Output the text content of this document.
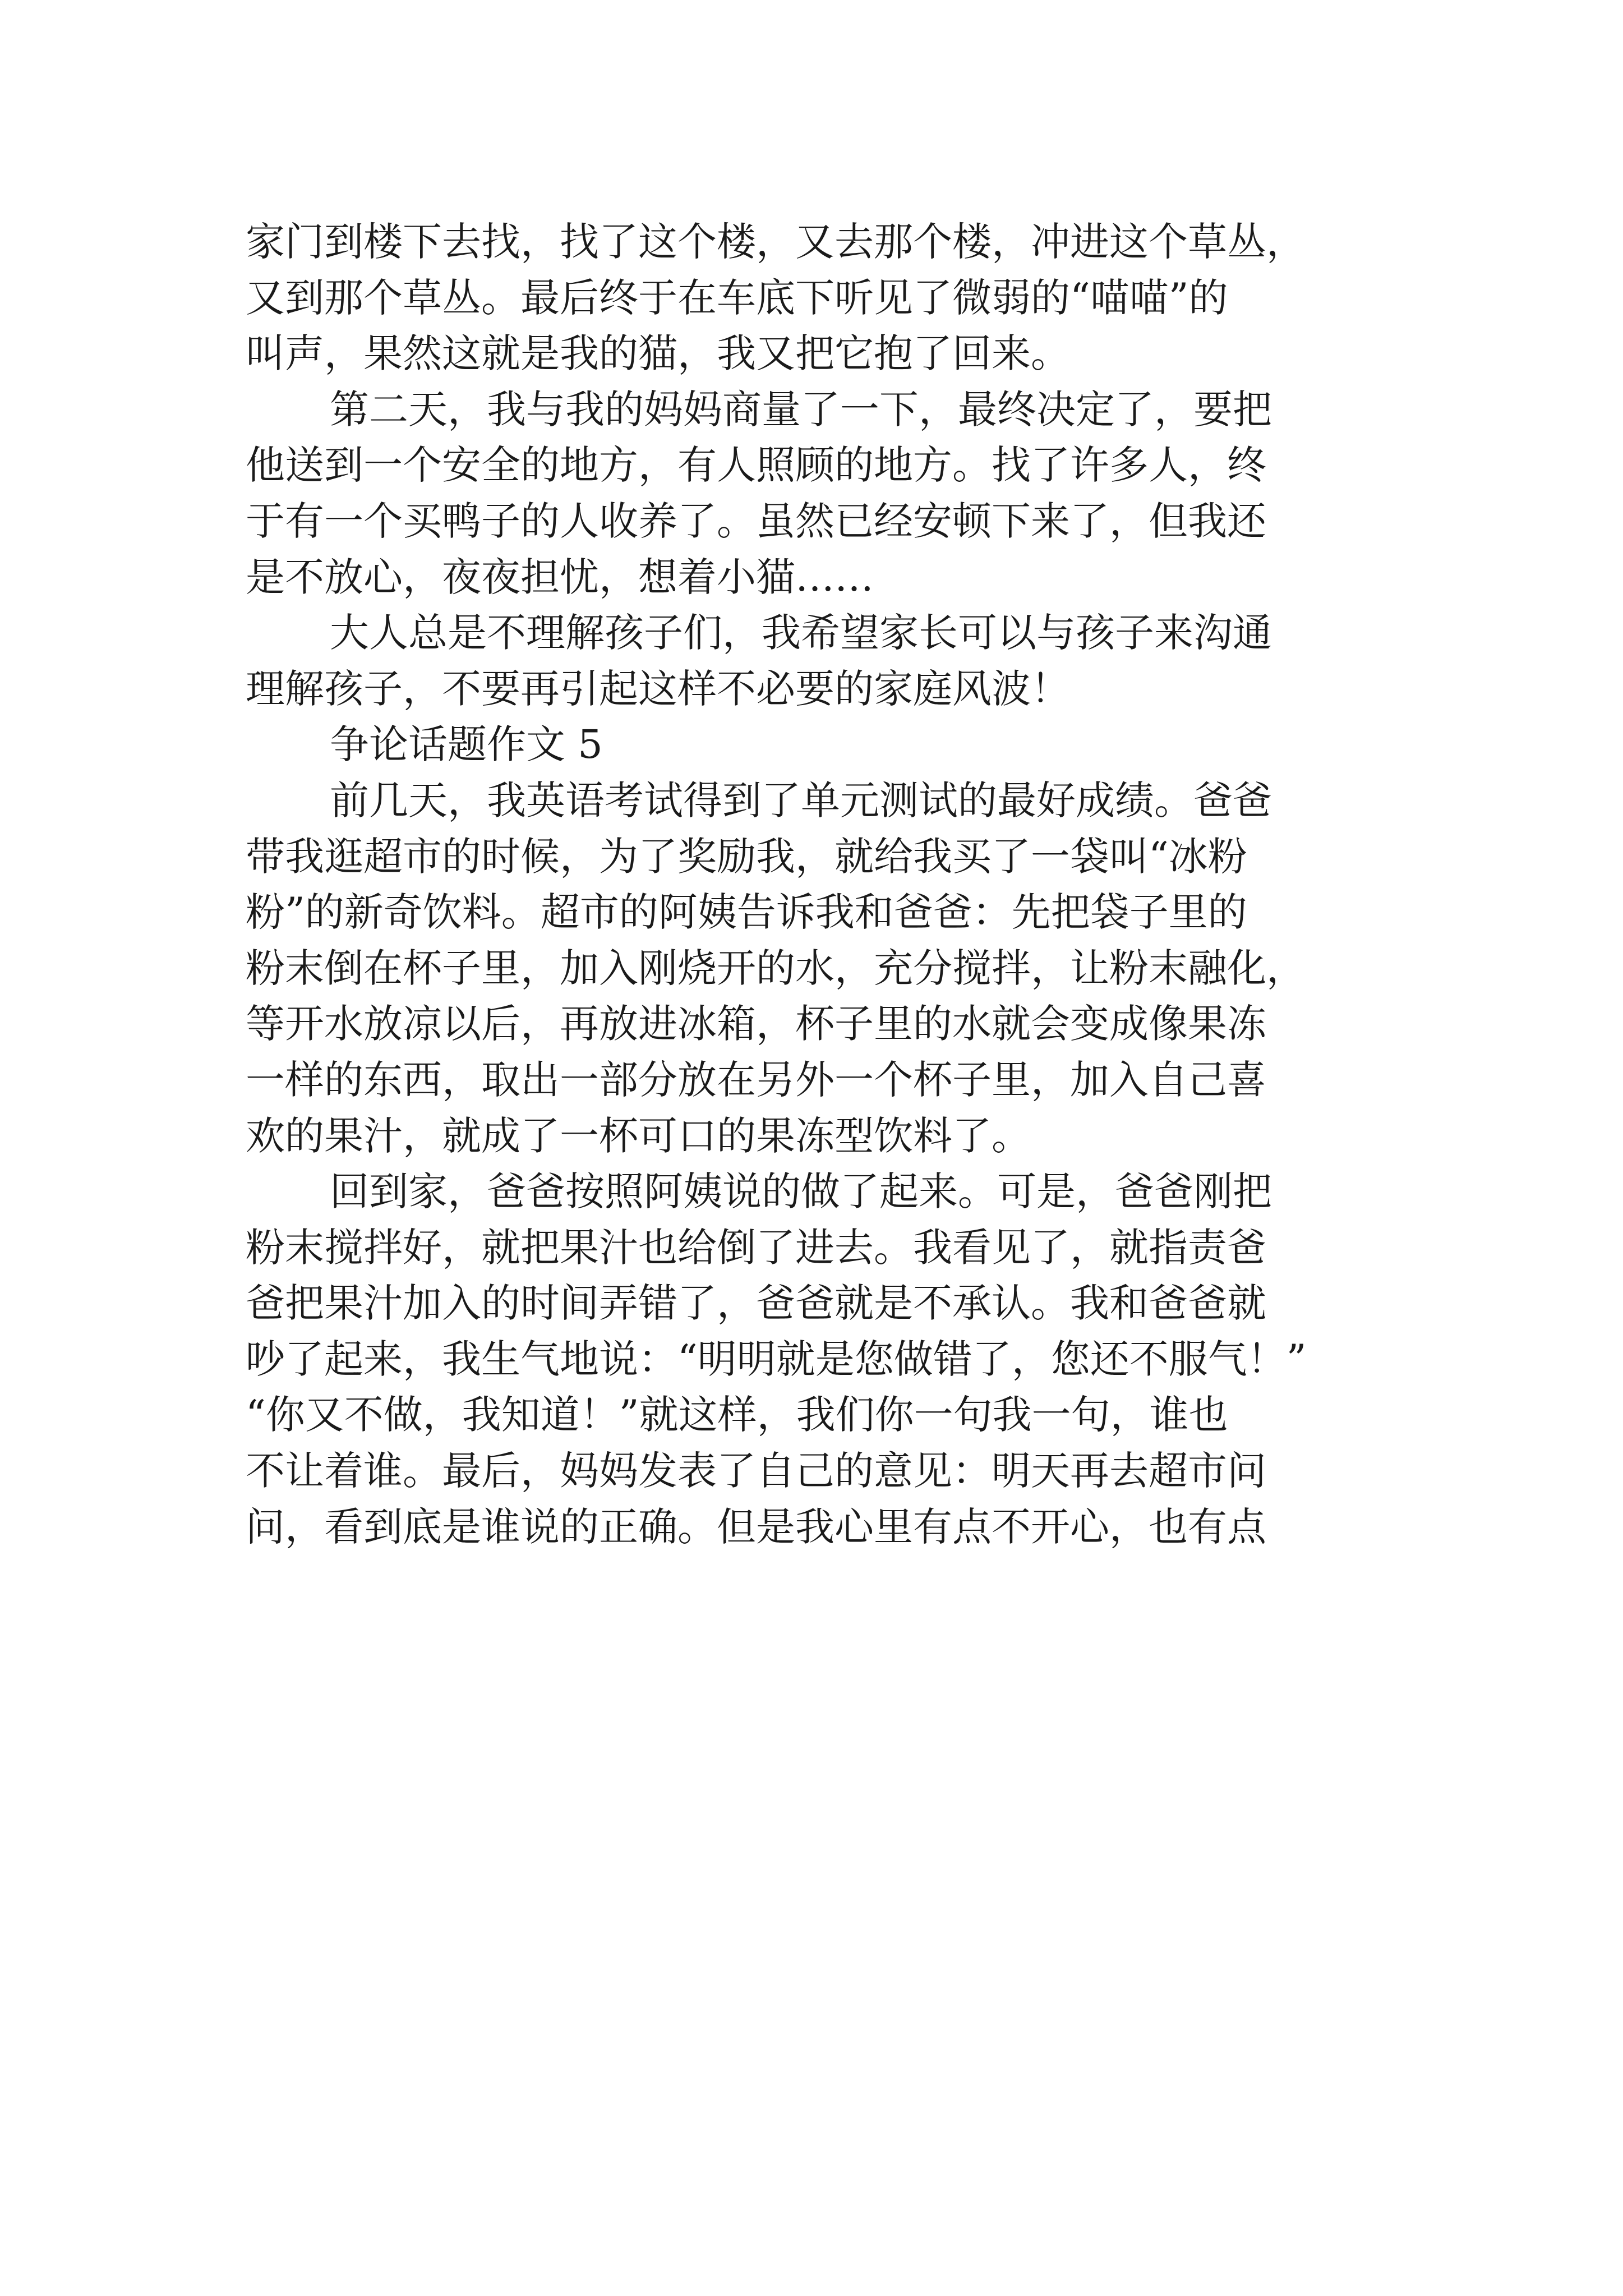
家门到楼下去找，找了这个楼，又去那个楼，冲进这个草丛，
又到那个草丛。最后终于在车底下听见了微弱的“喵喵”的
叫声，果然这就是我的猫，我又把它抱了回来。
第二天，我与我的妈妈商量了一下，最终决定了，要把
他送到一个安全的地方，有人照顾的地方。找了许多人，终
于有一个买鸭子的人收养了。虽然已经安顿下来了，但我还
是不放心，夜夜担忧，想着小猫……
大人总是不理解孩子们，我希望家长可以与孩子来沟通
理解孩子，不要再引起这样不必要的家庭风波！
争论话题作文 5
前几天，我英语考试得到了单元测试的最好成绩。爸爸
带我逛超市的时候，为了奖励我，就给我买了一袋叫“冰粉
粉”的新奇饮料。超市的阿姨告诉我和爸爸：先把袋子里的
粉末倒在杯子里，加入刚烧开的水，充分搅拌，让粉末融化，
等开水放凉以后，再放进冰箱，杯子里的水就会变成像果冻
一样的东西，取出一部分放在另外一个杯子里，加入自己喜
欢的果汁，就成了一杯可口的果冻型饮料了。
回到家，爸爸按照阿姨说的做了起来。可是，爸爸刚把
粉末搅拌好，就把果汁也给倒了进去。我看见了，就指责爸
爸把果汁加入的时间弄错了，爸爸就是不承认。我和爸爸就
吵了起来，我生气地说：“明明就是您做错了，您还不服气！”
“你又不做，我知道！”就这样，我们你一句我一句，谁也
不让着谁。最后，妈妈发表了自己的意见：明天再去超市问
问，看到底是谁说的正确。但是我心里有点不开心，也有点
